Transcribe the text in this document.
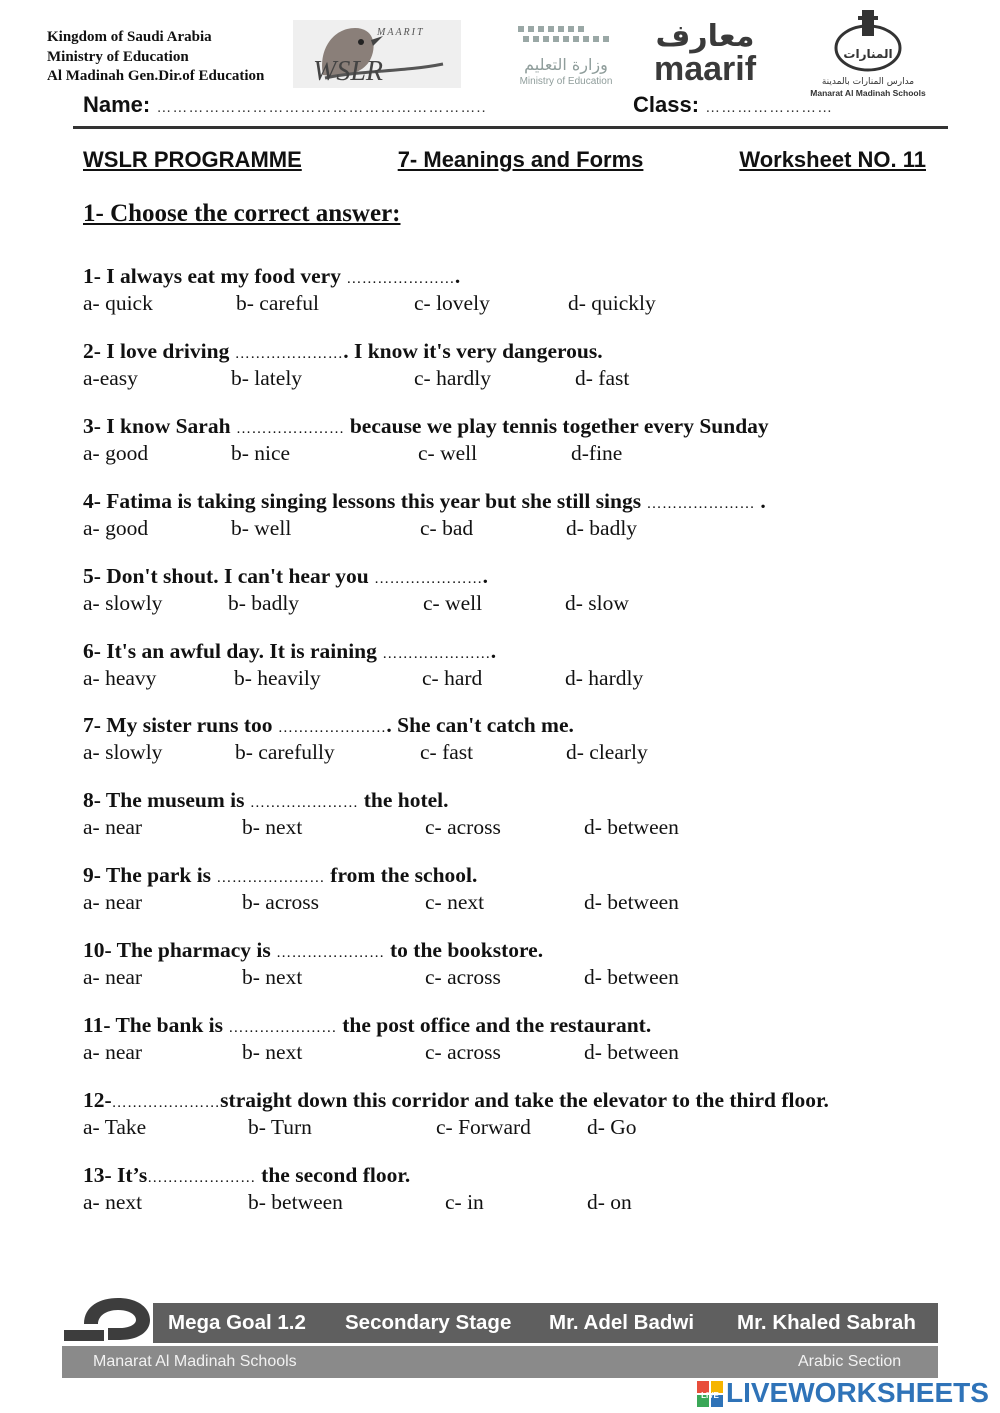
Kingdom of Saudi Arabia
Ministry of Education
Al Madinah Gen.Dir.of Education
MAARIT
WSLR	وزارة التعليم
Ministry of Education
معارف
maarif	المنارات
مدارس المنارات بالمدينة
Manarat Al Madinah Schools
Name: ……………………………………………………..	Class: ……………………
WSLR PROGRAMME	7- Meanings and Forms	Worksheet NO. 11
1- Choose the correct answer:
1- I always eat my food very ………………….
a- quick	b- careful	c- lovely	d- quickly
2- I love driving …………………. I know it's very dangerous.
a-easy	b- lately	c- hardly	d- fast
3- I know Sarah ………………… because we play tennis together every Sunday
a- good	b- nice	c- well	d-fine
4- Fatima is taking singing lessons this year but she still sings ………………… .
a- good	b- well	c- bad	d- badly
5- Don't shout. I can't hear you ………………….
a- slowly	b- badly	c- well	d- slow
6- It's an awful day. It is raining ………………….
a- heavy	b- heavily	c- hard	d- hardly
7- My sister runs too …………………. She can't catch me.
a- slowly	b- carefully	c- fast	d- clearly
8- The museum is ………………… the hotel.
a- near	b- next	c- across	d- between
9- The park is ………………… from the school.
a- near	b- across	c- next	d- between
10- The pharmacy is ………………… to the bookstore.
a- near	b- next	c- across	d- between
11- The bank is ………………… the post office and the restaurant.
a- near	b- next	c- across	d- between
12-…………………straight down this corridor and take the elevator to the third floor.
a- Take	b- Turn	c- Forward	d- Go
13- It’s………………… the second floor.
a- next	b- between	c- in	d- on
Mega Goal 1.2 Secondary Stage Mr. Adel Badwi Mr. Khaled Sabrah
Manarat Al Madinah Schools	Arabic Section
LIVE LIVEWORKSHEETS
